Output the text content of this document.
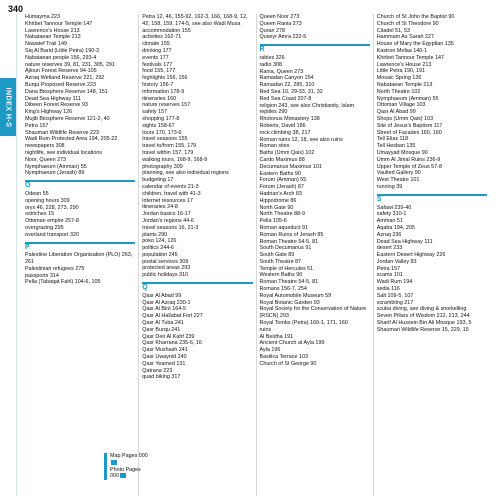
340
INDEX H-S
Humayma 223
Khirbet Tannour Temple 147
Lawrence's House 213
Nabataean Temple 213
Nawatef Trail 149
Siq Al Barid (Little Petra) 190-3
Nabataean people 156, 293-4
nature reserves 39, 81, 231, 305, 291
Ajloun Forest Reserve 94-105
Azraq Wetland Reserve 221, 292
Burqu Proposed Reserve 223
Dana Biosphere Reserve 148, 151
Dead Sea Highway 111
Dibeen Forest Reserve 93
King's Highway 126
Mujib Biosphere Reserve 121-2, 40
Petra 157
Shaumari Wildlife Reserve 223
Wadi Rum Protected Area 194, 205-22
newspapers 308
nightlife, see individual locations
Noor, Queen 273
Nymphaeum (Amman) 55
Nymphaeum (Jerash) 89
O
Odeon 55
opening hours 309
oryx 46, 228, 273, 290
ostriches 15
Ottoman empire 257-8
overgrazing 295
overland transport 320
P
Palestine Liberation Organisation (PLO) 263, 261
Palestinian refugees 275
passports 314
Pella (Tabaqat Fahl) 104-6, 105
Petra 12, 46, 155-92, 162-3, 166, 168-9, 12, 42, 158, 159, 174-5, see also Wadi Musa
accommodation 155
activities 162-71
climate 155
drinking 177
events 177
festivals 177
food 155, 177
highlights 156, 156
history 156-7
information 178-9
itineraries 160
nature reserves 157
safety 157
shopping 177-8
sights 158-67
tours 170, 173-6
travel seasons 155
travel to/from 155, 179
travel within 157, 179
walking tours, 168-9, 168-9
photography 309
planning, see also individual regions
budgeting 17
calendar of events 21-3
children, travel with 41-3
internet resources 17
itineraries 24-8
Jordan basics 16-17
Jordan's regions 44-6
travel seasons 16, 21-3
plants 290
poko 124, 126
politics 244-6
population 245
postal services 309
protected areas 293
public holidays 310
Q
Qasr Al Abad 99
Qasr Al Azraq 230-1
Qasr Al Bint 164-5
Qasr Al Hallabat Fort 227
Qasr Al Tuba 241
Qasr Burqu 241
Qasr Deir Al Kahf 239
Qasr Kharrana 235-6, 16
Qasr Mushash 241
Qasr Uwaynid 240
Qasr Yeamed 131
Qatrana 223
quad biking 317
Queen Noor 273
Queen Rania 273
Quran 278
Quseyr Amra 232-5
R
rabies 326
radio 308
Rania, Queen 273
Ramadan Canyon 154
Ramadan 22, 285, 310
Red Sea 10, 29-33, 31, 32
Red Sea Coast 207-8
religion 243, see also Christianity, Islam
reptiles 290
Rhotonus Monastery 138
Roberts, David 186
rock climbing 38, 217
Roman ruins 12, 18, see also ruins
Roman sites
Baths (Umm Qais) 102
Cardo Maximus 88
Decumanus Maximus 101
Eastern Baths 90
Forum (Amman) 55
Forum (Jerash) 87
Hadrian's Arch 83
Hippodrome 86
North Gate 90
North Theatre 88-9
Pella 105-6
Roman aqueduct 91
Roman Ruins of Jerash 85
Roman Theatre 54-5, 81
South Decumanus 91
South Gate 89
South Theatre 87
Temple of Hercules 51
Western Baths 90
Roman Theatre 54-5, 81
Romans 156-7, 254
Royal Automobile Museum 59
Royal Botanic Garden 93
Royal Society for the Conservation of Nature (RSCN) 293
Royal Tombs (Petra) 160-1, 171, 160
ruins
Al Beidha 191
Ancient Church at Ayla 199
Ayla 196
Basilica Terrace 103
Church of St George 90
Church of St John the Baptist 90
Church of St Theodore 90
Citadel 51, 53
Hammam As Sarah 227
House of Mary the Egyptian 135
Kastron Mefaa 140-1
Khirbet Tannour Temple 147
Lawrence's House 213
Little Petra 190, 191
Mosaic Spring 136
Nabataean Temple 213
North Theatre 102
Nymphaeum (Amman) 55
Ottoman Village 103
Qasr Al Abad 99
Shops (Umm Qais) 103
Site of Jesus's Baptism 117
Street of Facades 160, 160
Tell Elias 118
Tell Hesban 135
Umayyad Mosque 90
Umm Al Jimal Ruins 236-9
Upper Temple of Zeus 57-8
Vaulted Gallery 90
West Theatre 101
running 39
S
Safawi 239-40
safety 310-1
Amman 51
Aqaba 194, 205
Azraq 236
Dead Sea Highway 111
desert 233
Eastern Desert Highway 226
Jordan Valley 83
Petra 157
scams 101
Wadi Rum 194
sedia 116
Salt 109-5, 107
scrambling 217
scuba diving, see diving & snorkelling
Seven Pillars of Wisdom 212, 213, 244
Sharif Al Hussein Bin Ali Mosque 193, 5
Shaumari Wildlife Reserve 15, 229, 15
Map Pages 000
Photo Pages 000
